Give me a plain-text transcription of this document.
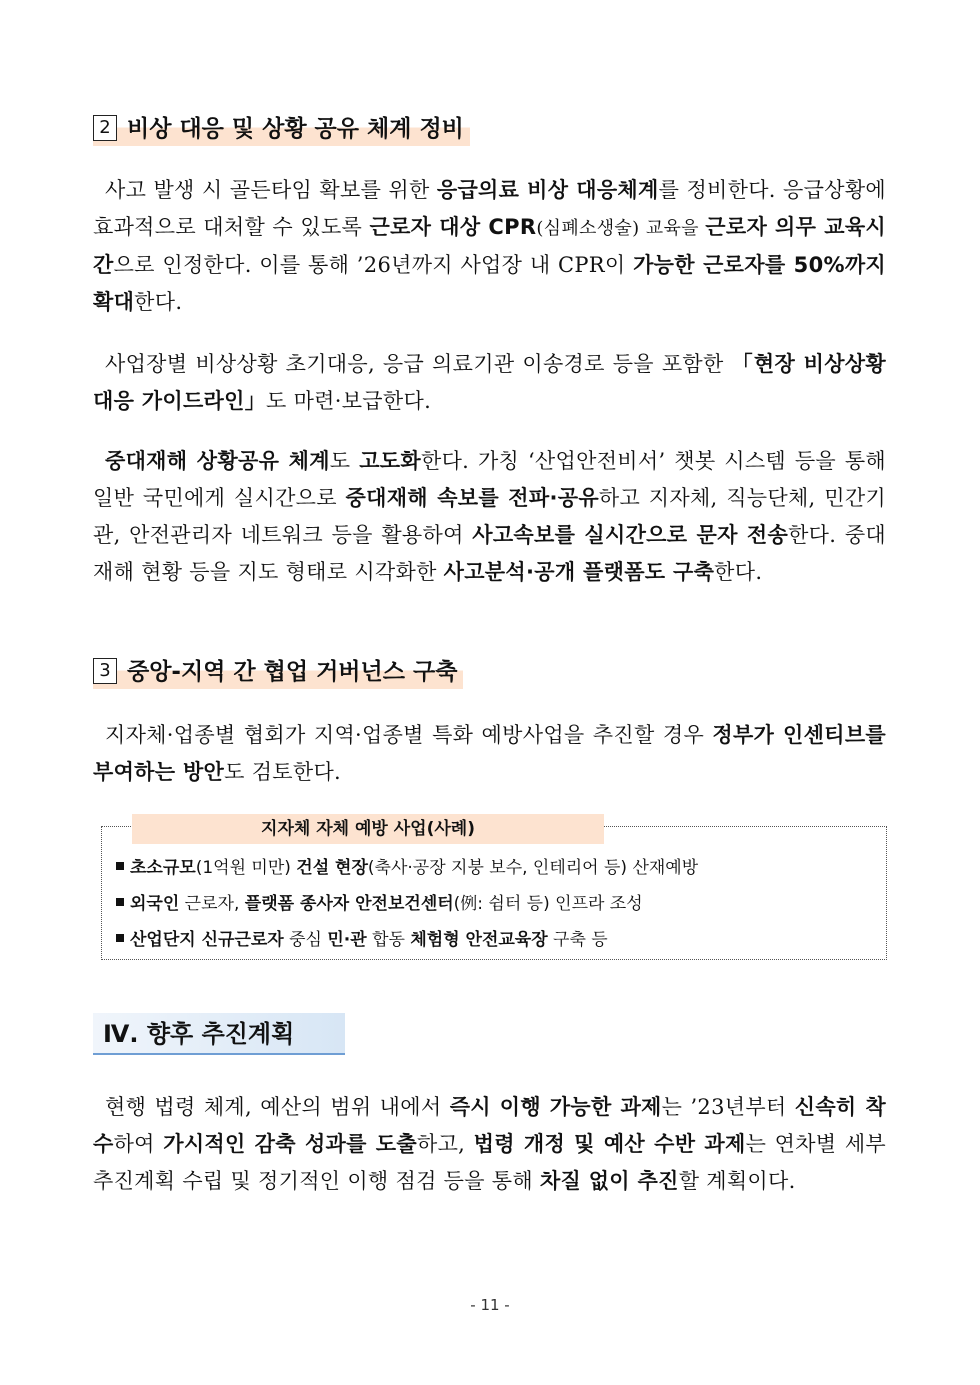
2 비상 대응 및 상황 공유 체계 정비
사고 발생 시 골든타임 확보를 위한 응급의료 비상 대응체계를 정비한다. 응급상황에 효과적으로 대처할 수 있도록 근로자 대상 CPR(심폐소생술) 교육을 근로자 의무 교육시간으로 인정한다. 이를 통해 ’26년까지 사업장 내 CPR이 가능한 근로자를 50%까지 확대한다.
사업장별 비상상황 초기대응, 응급 의료기관 이송경로 등을 포함한 「현장 비상상황 대응 가이드라인」도 마련·보급한다.
중대재해 상황공유 체계도 고도화한다. 가칭 ‘산업안전비서’ 챗봇 시스템 등을 통해 일반 국민에게 실시간으로 중대재해 속보를 전파·공유하고 지자체, 직능단체, 민간기관, 안전관리자 네트워크 등을 활용하여 사고속보를 실시간으로 문자 전송한다. 중대재해 현황 등을 지도 형태로 시각화한 사고분석·공개 플랫폼도 구축한다.
3 중앙-지역 간 협업 거버넌스 구축
지자체·업종별 협회가 지역·업종별 특화 예방사업을 추진할 경우 정부가 인센티브를 부여하는 방안도 검토한다.
지자체 자체 예방 사업(사례)
초소규모(1억원 미만) 건설 현장(축사·공장 지붕 보수, 인테리어 등) 산재예방
외국인 근로자, 플랫폼 종사자 안전보건센터(例: 쉼터 등) 인프라 조성
산업단지 신규근로자 중심 민·관 합동 체험형 안전교육장 구축 등
Ⅳ. 향후 추진계획
현행 법령 체계, 예산의 범위 내에서 즉시 이행 가능한 과제는 ’23년부터 신속히 착수하여 가시적인 감축 성과를 도출하고, 법령 개정 및 예산 수반 과제는 연차별 세부 추진계획 수립 및 정기적인 이행 점검 등을 통해 차질 없이 추진할 계획이다.
- 11 -
